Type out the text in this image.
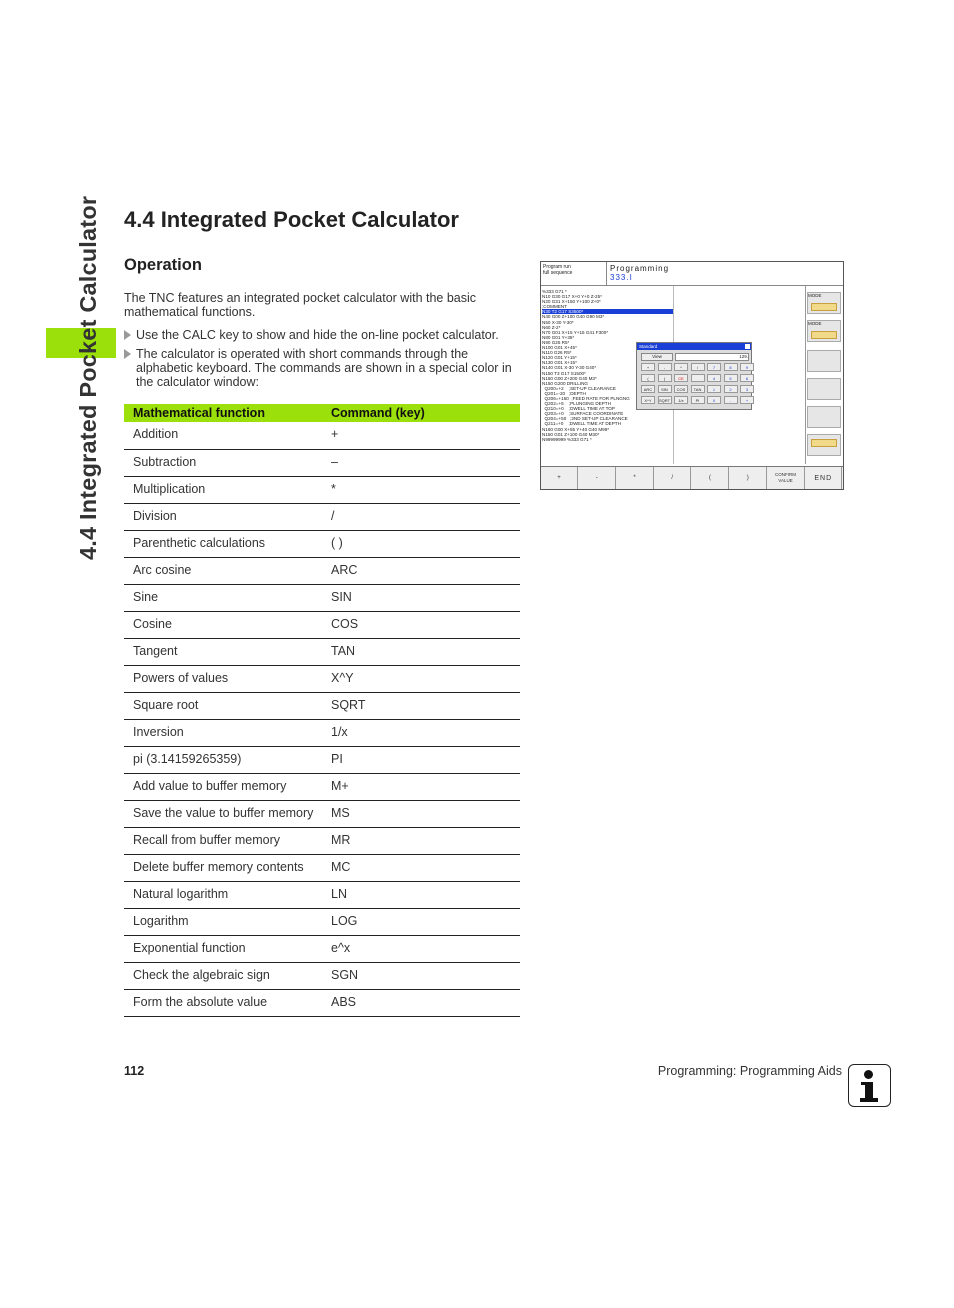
4.4 Integrated Pocket Calculator 4.4 Integrated Pocket Calculator
Operation
The TNC features an integrated pocket calculator with the basic mathematical functions.
Use the CALC key to show and hide the on-line pocket calculator.
The calculator is operated with short commands through the alphabetic keyboard. The commands are shown in a special color in the calculator window:
Mathematical function	Command (key)
Addition	+
Subtraction	–
Multiplication	*
Division	/
Parenthetic calculations	( )
Arc cosine	ARC
Sine	SIN
Cosine	COS
Tangent	TAN
Powers of values	X^Y
Square root	SQRT
Inversion	1/x
pi (3.14159265359)	PI
Add value to buffer memory	M+
Save the value to buffer memory	MS
Recall from buffer memory	MR
Delete buffer memory contents	MC
Natural logarithm	LN
Logarithm	LOG
Exponential function	e^x
Check the algebraic sign	SGN
Form the absolute value	ABS
Program run
full sequence	Programming
333.I
%333 G71 *
N10 G30 G17 X+0 Y+0 Z-25*
N20 G31 X+150 Y+100 Z+0*
;COMMENT
N30 T2 G17 S3500*
N40 G00 Z+100 G40 G90 M3*
N50 X-30 Y-30*
N60 Z-2*
N70 G01 X+15 Y+15 G41 F300*
N80 G01 Y+35*
N90 G25 R5*
N100 G01 X+45*
N110 G26 R5*
N120 G01 Y+15*
N130 G01 X+15*
N140 G01 X-30 Y-30 G40*
N150 T3 G17 S1500*
N160 G00 Z+200 G40 M3*
N150 G200 DRILLING
Q200=+2    ;SET-UP CLEARANCE
Q201=-20   ;DEPTH
Q206=+150  ;FEED RATE FOR PLNGNG
Q202=+5    ;PLUNGING DEPTH
Q210=+0    ;DWELL TIME AT TOP
Q203=+0    ;SURFACE COORDINATE
Q204=+50   ;2ND SET-UP CLEARANCE
Q211=+0    ;DWELL TIME AT DEPTH
N160 G00 X+55 Y+40 G40 M99*
N150 G01 Z+100 G40 M30*
N99999999 %333 G71 *
MODE
MODE
Standard
View	129.
+	-	*	/	7	8	9
(	)	CE	4	5	6
ARC	SIN	COS	TAN	1	2	3
X^Y	SQRT	1/x	PI	0	-	+
+	-	*	/	(	)
CONFIRM VALUE	END
112	Programming: Programming Aids
